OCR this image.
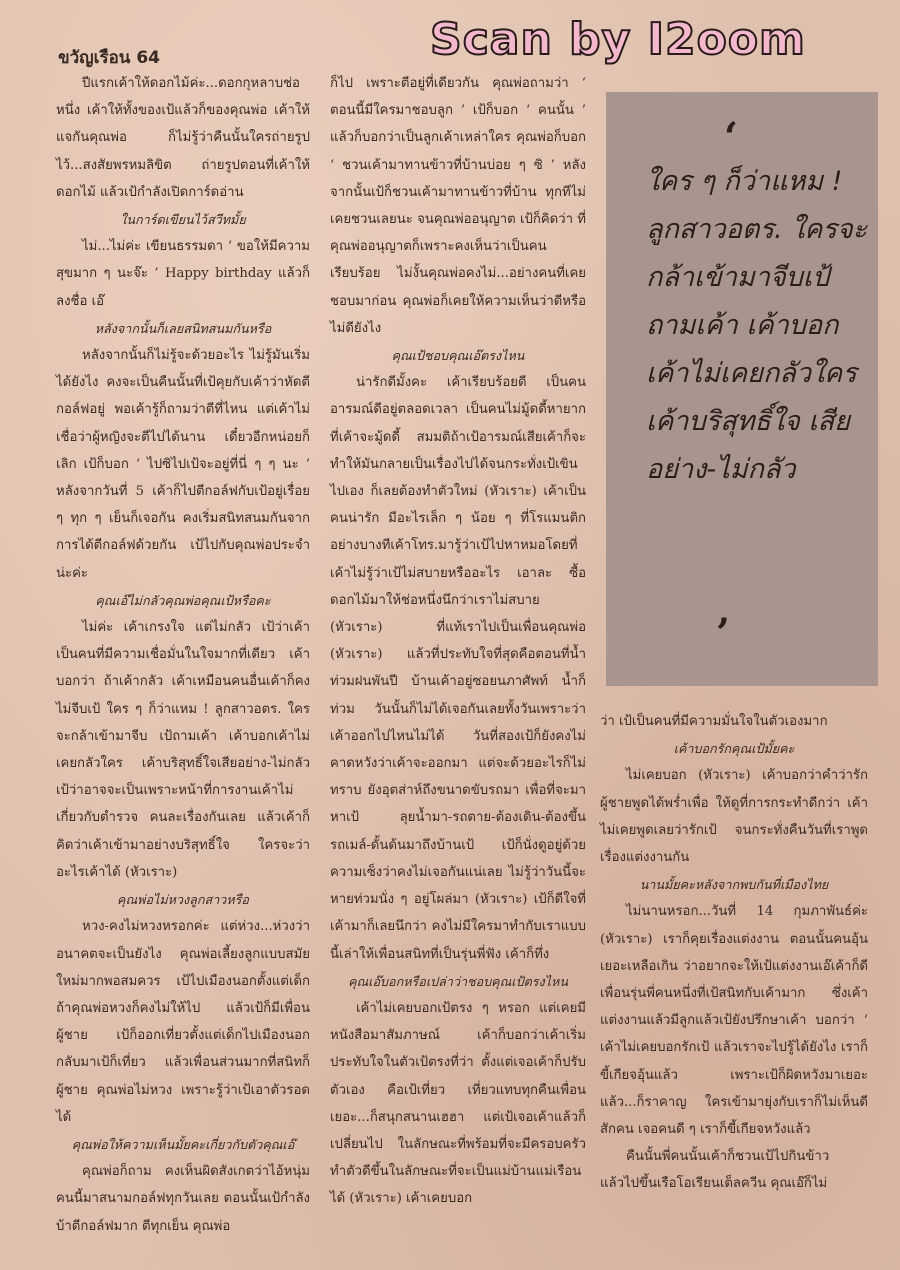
ขวัญเรือน 64	Scan by I2oom

ปีแรกเค้าให้ดอกไม้ค่ะ...ดอกกุหลาบช่อหนึ่ง เค้าให้ทั้งของเป้แล้วก็ของคุณพ่อ เค้าให้แจกันคุณพ่อ ก็ไม่รู้ว่าคืนนั้นใครถ่ายรูปไว้...สงสัยพรหมลิขิต ถ่ายรูปตอนที่เค้าให้ดอกไม้ แล้วเป้กำลังเปิดการ์ดอ่าน

ในการ์ดเขียนไว้สวีทมั้ย

ไม่...ไม่ค่ะ เขียนธรรมดา ‘ ขอให้มีความสุขมาก ๆ นะจ๊ะ ’ Happy birthday แล้วก็ลงชื่อ เอ๊

หลังจากนั้นก็เลยสนิทสนมกันหรือ

หลังจากนั้นก็ไม่รู้จะด้วยอะไร ไม่รู้มันเริ่มได้ยังไง คงจะเป็นคืนนั้นที่เป้คุยกับเค้าว่าหัดตีกอล์ฟอยู่ พอเค้ารู้ก็ถามว่าตีที่ไหน แต่เค้าไม่เชื่อว่าผู้หญิงจะตีไปได้นาน เดี๋ยวอีกหน่อยก็เลิก เป้ก็บอก ‘ ไปซิไปเป้จะอยู่ที่นี่ ๆ ๆ นะ ’ หลังจากวันที่ 5 เค้าก็ไปตีกอล์ฟกับเป้อยู่เรื่อย ๆ ทุก ๆ เย็นก็เจอกัน คงเริ่มสนิทสนมกันจากการได้ตีกอล์ฟด้วยกัน เป้ไปกับคุณพ่อประจำน่ะค่ะ

คุณเอ๊ไม่กลัวคุณพ่อคุณเป้หรือคะ

ไม่ค่ะ เค้าเกรงใจ แต่ไม่กลัว เป้ว่าเค้าเป็นคนที่มีความเชื่อมั่นในใจมากที่เดียว เค้าบอกว่า ถ้าเค้ากลัว เค้าเหมือนคนอื่นเค้าก็คงไม่จีบเป้ ใคร ๆ ก็ว่าแหม ! ลูกสาวอตร. ใครจะกล้าเข้ามาจีบ เป้ถามเค้า เค้าบอกเค้าไม่เคยกลัวใคร เค้าบริสุทธิ์ใจเสียอย่าง-ไม่กลัว เป้ว่าอาจจะเป็นเพราะหน้าที่การงานเค้าไม่เกี่ยวกับตำรวจ คนละเรื่องกันเลย แล้วเค้าก็คิดว่าเค้าเข้ามาอย่างบริสุทธิ์ใจ ใครจะว่าอะไรเค้าได้ (หัวเราะ)

คุณพ่อไม่หวงลูกสาวหรือ

หวง-คงไม่หวงหรอกค่ะ แต่ห่วง...ห่วงว่าอนาคตจะเป็นยังไง คุณพ่อเลี้ยงลูกแบบสมัยใหม่มากพอสมควร เป้ไปเมืองนอกตั้งแต่เด็ก ถ้าคุณพ่อหวงก็คงไม่ให้ไป แล้วเป้ก็มีเพื่อนผู้ชาย เป้ก็ออกเที่ยวตั้งแต่เด็กไปเมืองนอกกลับมาเป้ก็เที่ยว แล้วเพื่อนส่วนมากที่สนิทก็ผู้ชาย คุณพ่อไม่หวง เพราะรู้ว่าเป้เอาตัวรอดได้

คุณพ่อให้ความเห็นมั้ยคะเกี่ยวกับตัวคุณเอ๊

คุณพ่อก็ถาม คงเห็นผิดสังเกตว่าไอ้หนุ่มคนนี้มาสนามกอล์ฟทุกวันเลย ตอนนั้นเป้กำลังบ้าตีกอล์ฟมาก ตีทุกเย็น คุณพ่อ

ก็ไป เพราะตีอยู่ที่เดียวกัน คุณพ่อถามว่า ‘ ตอนนี้มีใครมาชอบลูก ’ เป้ก็บอก ‘ คนนั้น ’ แล้วก็บอกว่าเป็นลูกเค้าเหล่าใคร คุณพ่อก็บอก ‘ ชวนเค้ามาทานข้าวที่บ้านบ่อย ๆ ซิ ’ หลังจากนั้นเป้ก็ชวนเค้ามาทานข้าวที่บ้าน ทุกทีไม่เคยชวนเลยนะ จนคุณพ่ออนุญาต เป้ก็คิดว่า ที่คุณพ่ออนุญาตก็เพราะคงเห็นว่าเป็นคนเรียบร้อย ไม่งั้นคุณพ่อคงไม่...อย่างคนที่เคยชอบมาก่อน คุณพ่อก็เคยให้ความเห็นว่าดีหรือไม่ดียังไง

คุณเป้ชอบคุณเอ๊ตรงไหน

น่ารักดีมั้งคะ เค้าเรียบร้อยดี เป็นคนอารมณ์ดีอยู่ตลอดเวลา เป็นคนไม่มู้ดดี้หายากที่เค้าจะมู้ดดี้ สมมติถ้าเป้อารมณ์เสียเค้าก็จะทำให้มันกลายเป็นเรื่องไปได้จนกระทั่งเป้เขินไปเอง ก็เลยต้องทำตัวใหม่ (หัวเราะ) เค้าเป็นคนน่ารัก มีอะไรเล็ก ๆ น้อย ๆ ที่โรแมนติก อย่างบางทีเค้าโทร.มารู้ว่าเป้ไปหาหมอโดยที่เค้าไม่รู้ว่าเป้ไม่สบายหรืออะไร เอาละ ซื้อดอกไม้มาให้ช่อหนึ่งนึกว่าเราไม่สบาย (หัวเราะ) ที่แท้เราไปเป็นเพื่อนคุณพ่อ (หัวเราะ) แล้วที่ประทับใจที่สุดคือตอนที่น้ำท่วมฝนพันปี บ้านเค้าอยู่ซอยนภาศัพท์ น้ำก็ท่วม วันนั้นก็ไม่ได้เจอกันเลยทั้งวันเพราะว่าเค้าออกไปไหนไม่ได้ วันที่สองเป้ก็ยังคงไม่คาดหวังว่าเค้าจะออกมา แต่จะด้วยอะไรก็ไม่ทราบ ยังอุตส่าห์ถึงขนาดขับรถมา เพื่อที่จะมาหาเป้ ลุยน้ำมา-รถตาย-ต้องเดิน-ต้องขึ้นรถเมล์-ดั้นด้นมาถึงบ้านเป้ เป้ก็นั่งดูอยู่ด้วยความเซ็งว่าคงไม่เจอกันแน่เลย ไม่รู้ว่าวันนี้จะหายท่วมนั่ง ๆ อยู่โผล่มา (หัวเราะ) เป้ก็ดีใจที่เค้ามาก็เลยนึกว่า คงไม่มีใครมาทำกับเราแบบนี้เล่าให้เพื่อนสนิทที่เป็นรุ่นพี่ฟัง เค้าก็ทึ่ง

คุณเอ๊บอกหรือเปล่าว่าชอบคุณเป้ตรงไหน

เค้าไม่เคยบอกเป้ตรง ๆ หรอก แต่เคยมีหนังสือมาสัมภาษณ์ เค้าก็บอกว่าเค้าเริ่มประทับใจในตัวเป้ตรงที่ว่า ตั้งแต่เจอเค้าก็ปรับตัวเอง คือเป้เที่ยว เที่ยวแทบทุกคืนเพื่อนเยอะ...ก็สนุกสนานเฮฮา แต่เป้เจอเค้าแล้วก็เปลี่ยนไป ในลักษณะที่พร้อมที่จะมีครอบครัว ทำตัวดีขึ้นในลักษณะที่จะเป็นแม่บ้านแม่เรือนได้ (หัวเราะ) เค้าเคยบอก

‘
ใคร ๆ ก็ว่าแหม ! ลูกสาวอตร. ใครจะกล้าเข้ามาจีบเป้ถามเค้า เค้าบอก เค้าไม่เคยกลัวใคร เค้าบริสุทธิ์ใจ เสียอย่าง-ไม่กลัว
’

ว่า เป้เป็นคนที่มีความมั่นใจในตัวเองมาก

เค้าบอกรักคุณเป้มั้ยคะ

ไม่เคยบอก (หัวเราะ) เค้าบอกว่าคำว่ารักผู้ชายพูดได้พร่ำเพื่อ ให้ดูที่การกระทำดีกว่า เค้าไม่เคยพูดเลยว่ารักเป้ จนกระทั่งคืนวันที่เราพูดเรื่องแต่งงานกัน

นานมั้ยคะหลังจากพบกันที่เมืองไทย

ไม่นานหรอก...วันที่ 14 กุมภาพันธ์ค่ะ (หัวเราะ) เราก็คุยเรื่องแต่งงาน ตอนนั้นคนอุ้นเยอะเหลือเกิน ว่าอยากจะให้เป้แต่งงานเอ๊เค้าก็ดี เพื่อนรุ่นพี่คนหนึ่งที่เป้สนิทกับเค้ามาก ซึ่งเค้าแต่งงานแล้วมีลูกแล้วเป้ยังปรึกษาเค้า บอกว่า ‘ เค้าไม่เคยบอกรักเป้ แล้วเราจะไปรู้ได้ยังไง เราก็ขี้เกียจอุ้นแล้ว เพราะเป้ก็ผิดหวังมาเยอะ แล้ว...ก็ราคาญ ใครเข้ามายุ่งกับเราก็ไม่เห็นดีสักคน เจอคนดี ๆ เราก็ขี้เกียจหวังแล้ว

คืนนั้นพี่คนนั้นเค้าก็ชวนเป้ไปกินข้าวแล้วไปขึ้นเรือโอเรียนเต็ลควีน คุณเอ๊ก็ไม่
